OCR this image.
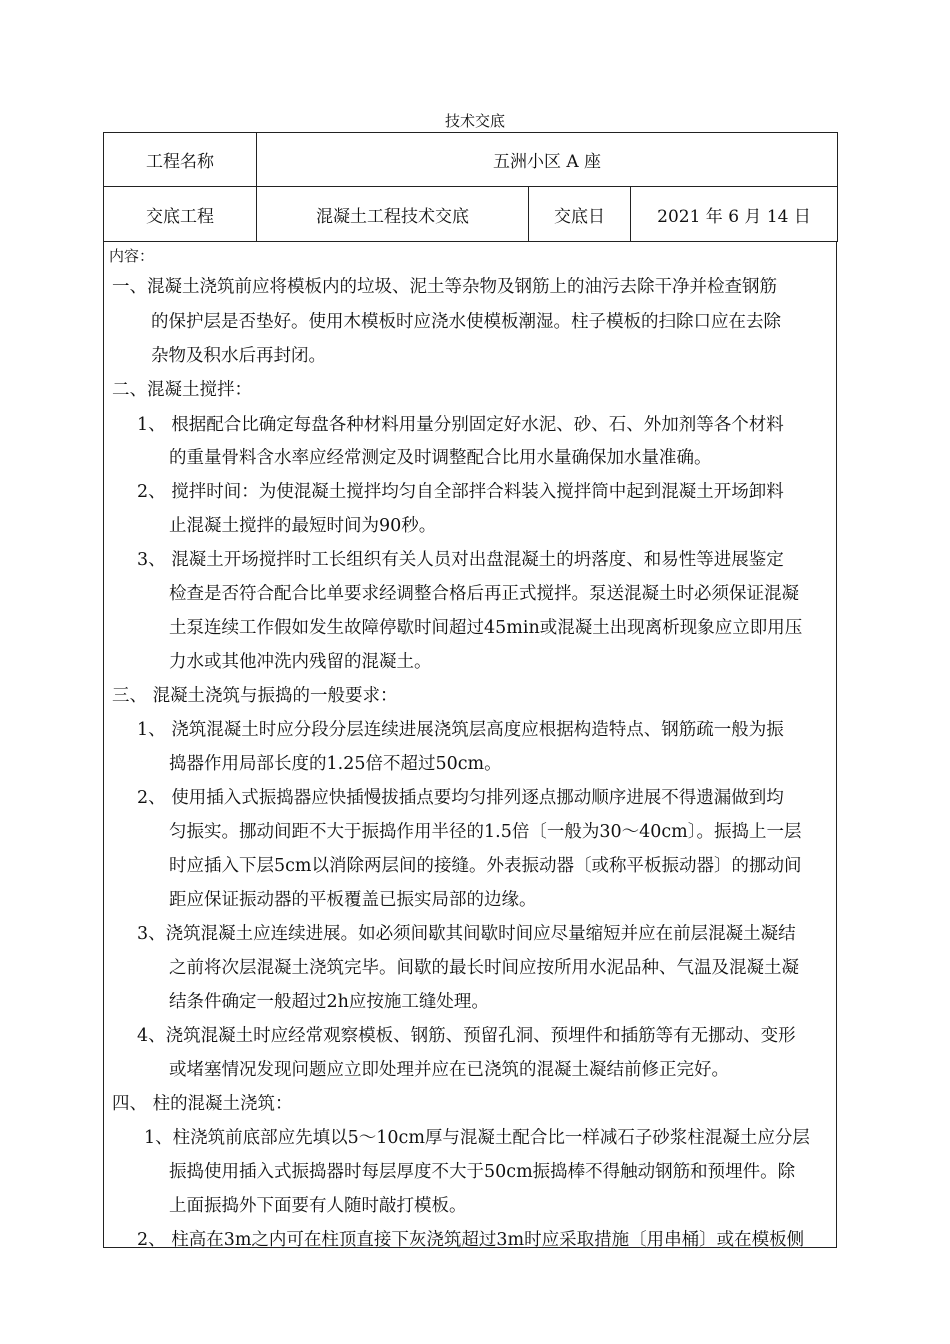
技术交底
工程名称	五洲小区 A 座		
交底工程	混凝土工程技术交底	交底日	2021 年 6 月 14 日
内容：
一、混凝土浇筑前应将模板内的垃圾、泥土等杂物及钢筋上的油污去除干净并检查钢筋
的保护层是否垫好。使用木模板时应浇水使模板潮湿。柱子模板的扫除口应在去除
杂物及积水后再封闭。
二、混凝土搅拌：
1、 根据配合比确定每盘各种材料用量分别固定好水泥、砂、石、外加剂等各个材料
的重量骨料含水率应经常测定及时调整配合比用水量确保加水量准确。
2、 搅拌时间：为使混凝土搅拌均匀自全部拌合料装入搅拌筒中起到混凝土开场卸料
止混凝土搅拌的最短时间为90秒。
3、 混凝土开场搅拌时工长组织有关人员对出盘混凝土的坍落度、和易性等进展鉴定
检查是否符合配合比单要求经调整合格后再正式搅拌。泵送混凝土时必须保证混凝
土泵连续工作假如发生故障停歇时间超过45min或混凝土出现离析现象应立即用压
力水或其他冲洗内残留的混凝土。
三、 混凝土浇筑与振捣的一般要求：
1、 浇筑混凝土时应分段分层连续进展浇筑层高度应根据构造特点、钢筋疏一般为振
捣器作用局部长度的1.25倍不超过50cm。
2、 使用插入式振捣器应快插慢拔插点要均匀排列逐点挪动顺序进展不得遗漏做到均
匀振实。挪动间距不大于振捣作用半径的1.5倍〔一般为30～40cm〕。振捣上一层
时应插入下层5cm以消除两层间的接缝。外表振动器〔或称平板振动器〕的挪动间
距应保证振动器的平板覆盖已振实局部的边缘。
3、浇筑混凝土应连续进展。如必须间歇其间歇时间应尽量缩短并应在前层混凝土凝结
之前将次层混凝土浇筑完毕。间歇的最长时间应按所用水泥品种、气温及混凝土凝
结条件确定一般超过2h应按施工缝处理。
4、浇筑混凝土时应经常观察模板、钢筋、预留孔洞、预埋件和插筋等有无挪动、变形
或堵塞情况发现问题应立即处理并应在已浇筑的混凝土凝结前修正完好。
四、 柱的混凝土浇筑：
1、柱浇筑前底部应先填以5～10cm厚与混凝土配合比一样减石子砂浆柱混凝土应分层
振捣使用插入式振捣器时每层厚度不大于50cm振捣棒不得触动钢筋和预埋件。除
上面振捣外下面要有人随时敲打模板。
2、 柱高在3m之内可在柱顶直接下灰浇筑超过3m时应采取措施〔用串桶〕或在模板侧
